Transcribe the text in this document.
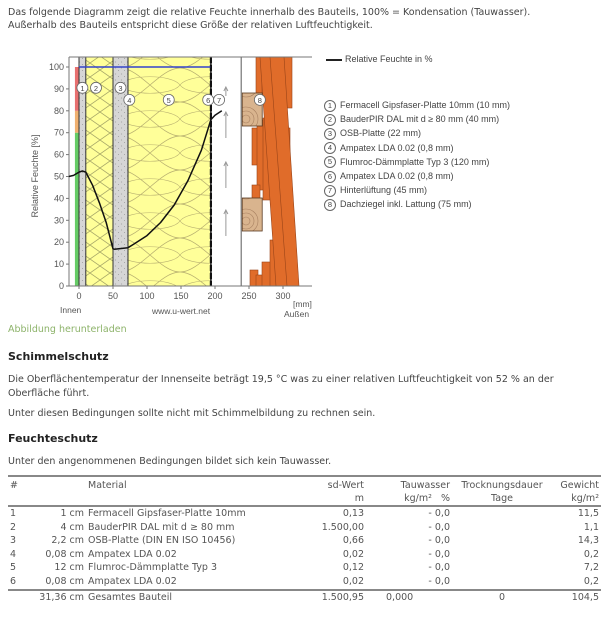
Das folgende Diagramm zeigt die relative Feuchte innerhalb des Bauteils, 100% = Kondensation (Tauwasser).
Außerhalb des Bauteils entspricht diese Größe der relativen Luftfeuchtigkeit.
0
10
20
30
40
50
60
70
80
90
100
0	50 100 150 200 250 300
1 2	3
4	5	6 7	8
Relative Feuchte [%]
Innen	www.u-wert.net
[mm]
Außen
Relative Feuchte in %
1 Fermacell Gipsfaser-Platte 10mm (10 mm)
2 BauderPIR DAL mit d ≥ 80 mm (40 mm)
3 OSB-Platte (22 mm)
4 Ampatex LDA 0.02 (0,8 mm)
5 Flumroc-Dämmplatte Typ 3 (120 mm)
6 Ampatex LDA 0.02 (0,8 mm)
7 Hinterlüftung (45 mm)
8 Dachziegel inkl. Lattung (75 mm)
Abbildung herunterladen
Schimmelschutz
Die Oberflächentemperatur der Innenseite beträgt 19,5 °C was zu einer relativen Luftfeuchtigkeit von 52 % an der Oberfläche führt.
Unter diesen Bedingungen sollte nicht mit Schimmelbildung zu rechnen sein.
Feuchteschutz
Unter den angenommenen Bedingungen bildet sich kein Tauwasser.
#		Material	sd-Wert	Tauwasser	Trocknungsdauer	Gewicht
			m	kg/m² %	Tage	kg/m²
1	1 cm	Fermacell Gipsfaser-Platte 10mm	0,13	- 0,0		11,5
2	4 cm	BauderPIR DAL mit d ≥ 80 mm	1.500,00	- 0,0		1,1
3	2,2 cm	OSB-Platte (DIN EN ISO 10456)	0,66	- 0,0		14,3
4	0,08 cm	Ampatex LDA 0.02	0,02	- 0,0		0,2
5	12 cm	Flumroc-Dämmplatte Typ 3	0,12	- 0,0		7,2
6	0,08 cm	Ampatex LDA 0.02	0,02	- 0,0		0,2
	31,36 cm	Gesamtes Bauteil	1.500,95	0,000	0	104,5
